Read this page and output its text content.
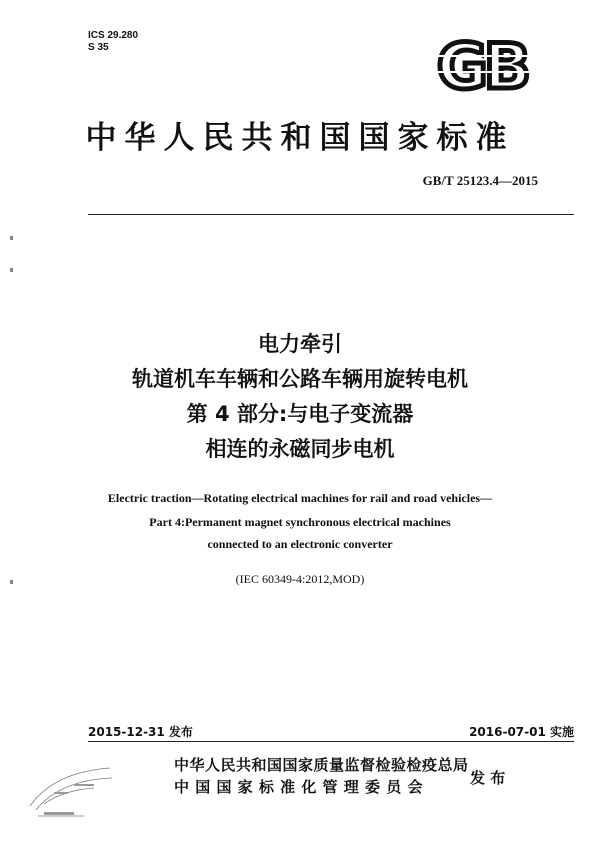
ICS 29.280
S 35	GB
中华人民共和国国家标准
GB/T 25123.4—2015
电力牵引
轨道机车车辆和公路车辆用旋转电机
第 4 部分:与电子变流器
相连的永磁同步电机
Electric traction—Rotating electrical machines for rail and road vehicles—
Part 4:Permanent magnet synchronous electrical machines
connected to an electronic converter
(IEC 60349-4:2012,MOD)
2015-12-31 发布	2016-07-01 实施
中华人民共和国国家质量监督检验检疫总局
中 国 国 家 标 准 化 管 理 委 员 会	发 布
